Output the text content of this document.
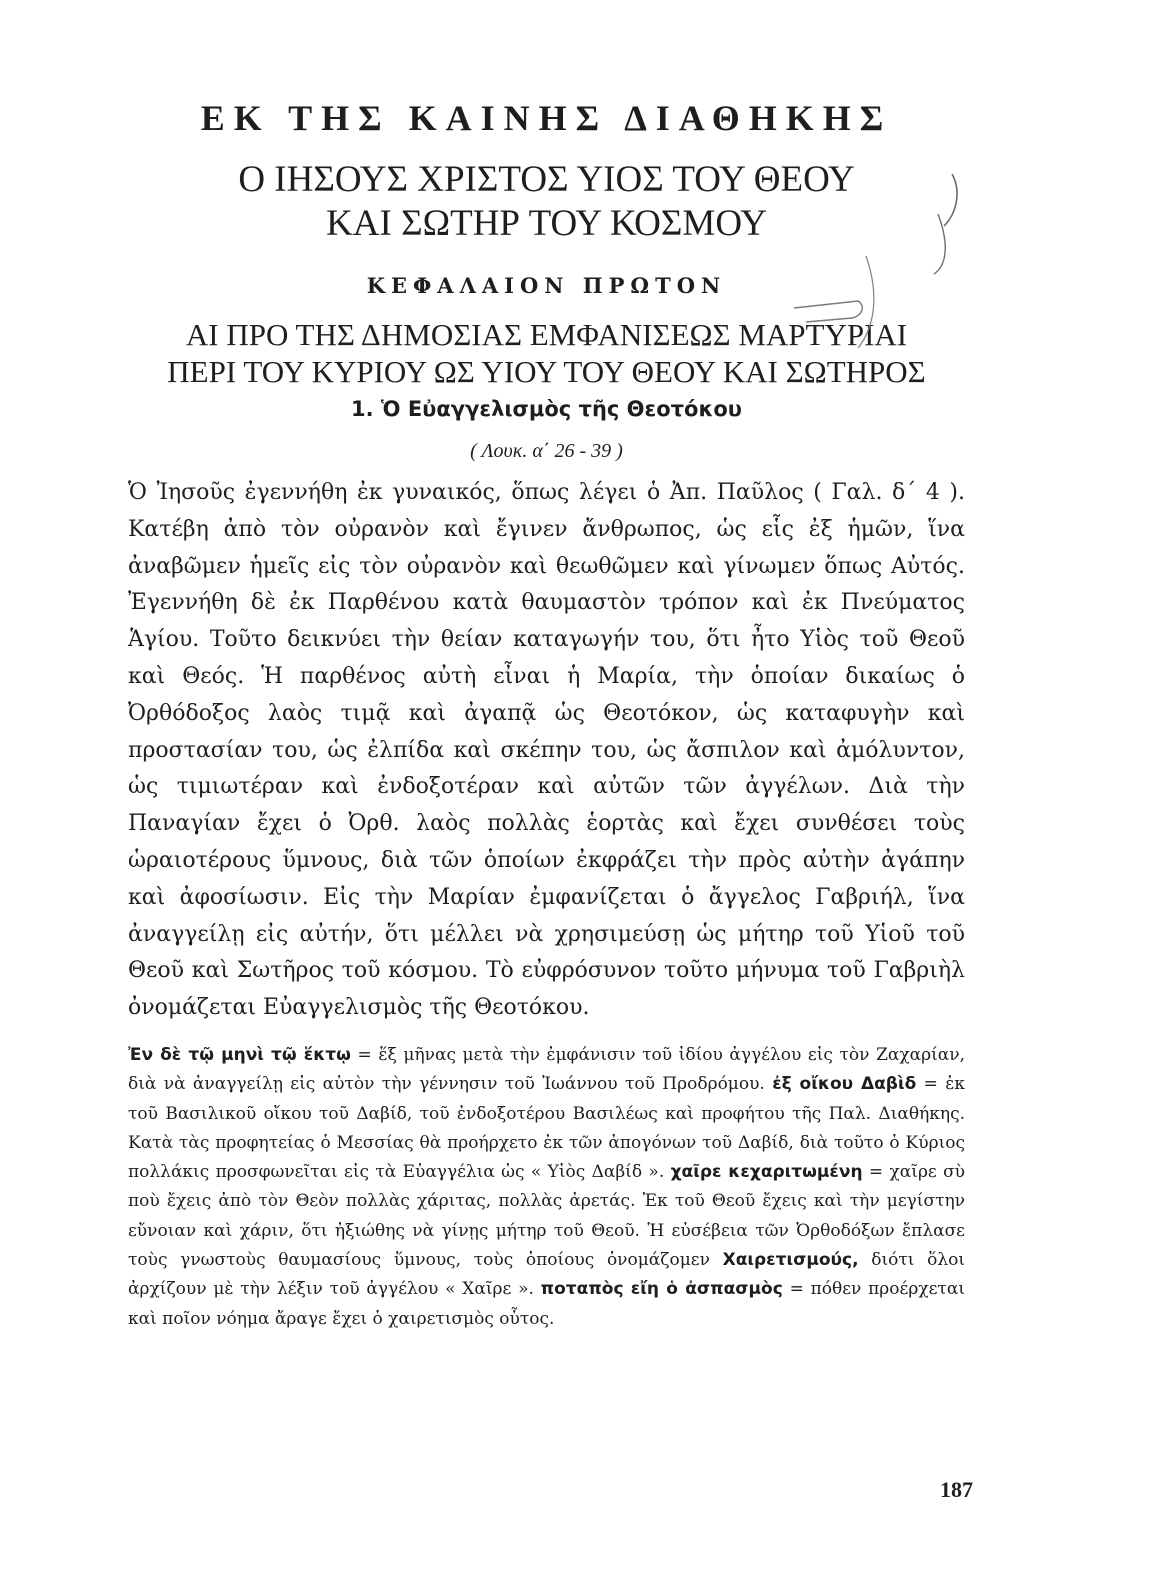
ΕΚ ΤΗΣ ΚΑΙΝΗΣ ΔΙΑΘΗΚΗΣ
Ο ΙΗΣΟΥΣ ΧΡΙΣΤΟΣ ΥΙΟΣ ΤΟΥ ΘΕΟΥ
ΚΑΙ ΣΩΤΗΡ ΤΟΥ ΚΟΣΜΟΥ
ΚΕΦΑΛΑΙΟΝ ΠΡΩΤΟΝ
ΑΙ ΠΡΟ ΤΗΣ ΔΗΜΟΣΙΑΣ ΕΜΦΑΝΙΣΕΩΣ ΜΑΡΤΥΡΙΑΙ
ΠΕΡΙ ΤΟΥ ΚΥΡΙΟΥ ΩΣ ΥΙΟΥ ΤΟΥ ΘΕΟΥ ΚΑΙ ΣΩΤΗΡΟΣ
1. Ὁ Εὐαγγελισμὸς τῆς Θεοτόκου
( Λουκ. α΄ 26 - 39 )

Ὁ Ἰησοῦς ἐγεννήθη ἐκ γυναικός, ὅπως λέγει ὁ Ἀπ. Παῦλος ( Γαλ. δ΄ 4 ). Κατέβη ἀπὸ τὸν οὐρανὸν καὶ ἔγινεν ἄνθρωπος, ὡς εἷς ἐξ ἡμῶν, ἵνα ἀναβῶμεν ἡμεῖς εἰς τὸν οὐρανὸν καὶ θεωθῶμεν καὶ γίνωμεν ὅπως Αὐτός. Ἐγεννήθη δὲ ἐκ Παρθένου κατὰ θαυμαστὸν τρόπον καὶ ἐκ Πνεύματος Ἁγίου. Τοῦτο δεικνύει τὴν θείαν καταγωγήν του, ὅτι ἦτο Υἱὸς τοῦ Θεοῦ καὶ Θεός. Ἡ παρθένος αὐτὴ εἶναι ἡ Μαρία, τὴν ὁποίαν δικαίως ὁ Ὀρθόδοξος λαὸς τιμᾷ καὶ ἀγαπᾷ ὡς Θεοτόκον, ὡς καταφυγὴν καὶ προστασίαν του, ὡς ἐλπίδα καὶ σκέπην του, ὡς ἄσπιλον καὶ ἀμόλυντον, ὡς τιμιωτέραν καὶ ἐνδοξοτέραν καὶ αὐτῶν τῶν ἀγγέλων. Διὰ τὴν Παναγίαν ἔχει ὁ Ὀρθ. λαὸς πολλὰς ἑορτὰς καὶ ἔχει συνθέσει τοὺς ὡραιοτέρους ὕμνους, διὰ τῶν ὁποίων ἐκφράζει τὴν πρὸς αὐτὴν ἀγάπην καὶ ἀφοσίωσιν. Εἰς τὴν Μαρίαν ἐμφανίζεται ὁ ἄγγελος Γαβριήλ, ἵνα ἀναγγείλῃ εἰς αὐτήν, ὅτι μέλλει νὰ χρησιμεύσῃ ὡς μήτηρ τοῦ Υἱοῦ τοῦ Θεοῦ καὶ Σωτῆρος τοῦ κόσμου. Τὸ εὐφρόσυνον τοῦτο μήνυμα τοῦ Γαβριὴλ ὀνομάζεται Εὐαγγελισμὸς τῆς Θεοτόκου.

Ἐν δὲ τῷ μηνὶ τῷ ἕκτῳ = ἕξ μῆνας μετὰ τὴν ἐμφάνισιν τοῦ ἰδίου ἀγγέλου εἰς τὸν Ζαχαρίαν, διὰ νὰ ἀναγγείλῃ εἰς αὐτὸν τὴν γέννησιν τοῦ Ἰωάννου τοῦ Προδρόμου. ἐξ οἴκου Δαβὶδ = ἐκ τοῦ Βασιλικοῦ οἴκου τοῦ Δαβίδ, τοῦ ἐνδοξοτέρου Βασιλέως καὶ προφήτου τῆς Παλ. Διαθήκης. Κατὰ τὰς προφητείας ὁ Μεσσίας θὰ προήρχετο ἐκ τῶν ἀπογόνων τοῦ Δαβίδ, διὰ τοῦτο ὁ Κύριος πολλάκις προσφωνεῖται εἰς τὰ Εὐαγγέλια ὡς « Υἱὸς Δαβίδ ». χαῖρε κεχαριτωμένη = χαῖρε σὺ ποὺ ἔχεις ἀπὸ τὸν Θεὸν πολλὰς χάριτας, πολλὰς ἀρετάς. Ἐκ τοῦ Θεοῦ ἔχεις καὶ τὴν μεγίστην εὔνοιαν καὶ χάριν, ὅτι ἠξιώθης νὰ γίνῃς μήτηρ τοῦ Θεοῦ. Ἡ εὐσέβεια τῶν Ὀρθοδόξων ἔπλασε τοὺς γνωστοὺς θαυμασίους ὕμνους, τοὺς ὁποίους ὀνομάζομεν Χαιρετισμούς, διότι ὅλοι ἀρχίζουν μὲ τὴν λέξιν τοῦ ἀγγέλου « Χαῖρε ». ποταπὸς εἴη ὁ ἀσπασμὸς = πόθεν προέρχεται καὶ ποῖον νόημα ἄραγε ἔχει ὁ χαιρετισμὸς οὗτος.

187
